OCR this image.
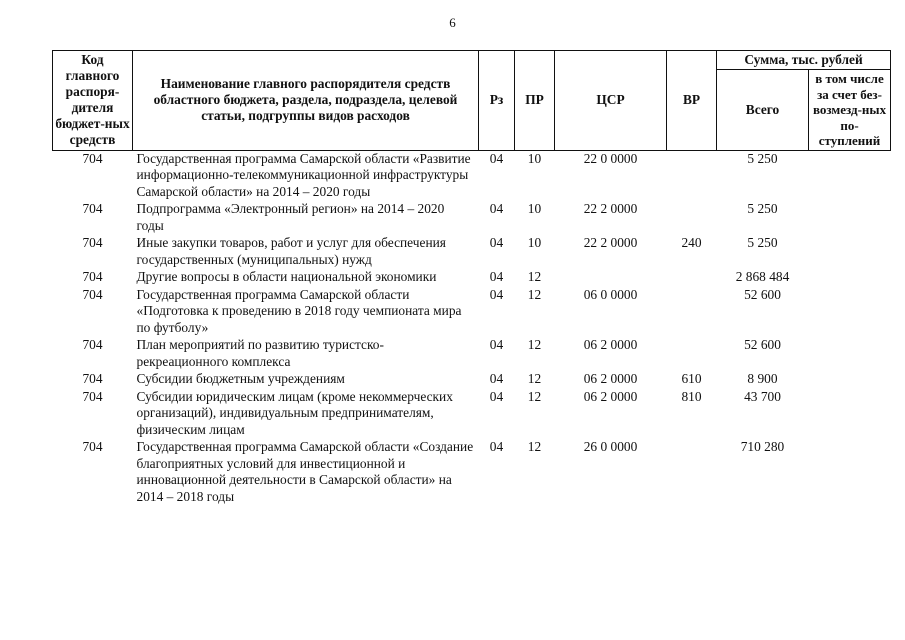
6
Код главного распоря-дителя бюджет-ных средств	Наименование главного распорядителя средств областного бюджета, раздела, подраздела, целевой статьи, подгруппы видов расходов	Рз	ПР	ЦСР	ВР	Сумма, тыс. рублей	
						Всего	в том числе за счет без-возмезд-ных по-ступлений
704	Государственная программа Самарской области «Развитие информационно-телекоммуникационной инфраструктуры Самарской области» на 2014 – 2020 годы	04	10	22 0 0000		5 250	
704	Подпрограмма «Электронный регион» на 2014 – 2020 годы	04	10	22 2 0000		5 250	
704	Иные закупки товаров, работ и услуг для обеспечения государственных (муниципальных) нужд	04	10	22 2 0000	240	5 250	
704	Другие вопросы в области национальной экономики	04	12			2 868 484	
704	Государственная программа Самарской области «Подготовка к проведению в 2018 году чемпионата мира по футболу»	04	12	06 0 0000		52 600	
704	План мероприятий по развитию туристско-рекреационного комплекса	04	12	06 2 0000		52 600	
704	Субсидии бюджетным учреждениям	04	12	06 2 0000	610	8 900	
704	Субсидии юридическим лицам (кроме некоммерческих организаций), индивидуальным предпринимателям, физическим лицам	04	12	06 2 0000	810	43 700	
704	Государственная программа Самарской области «Создание благоприятных условий для инвестиционной и инновационной деятельности в Самарской области» на 2014 – 2018 годы	04	12	26 0 0000		710 280	
